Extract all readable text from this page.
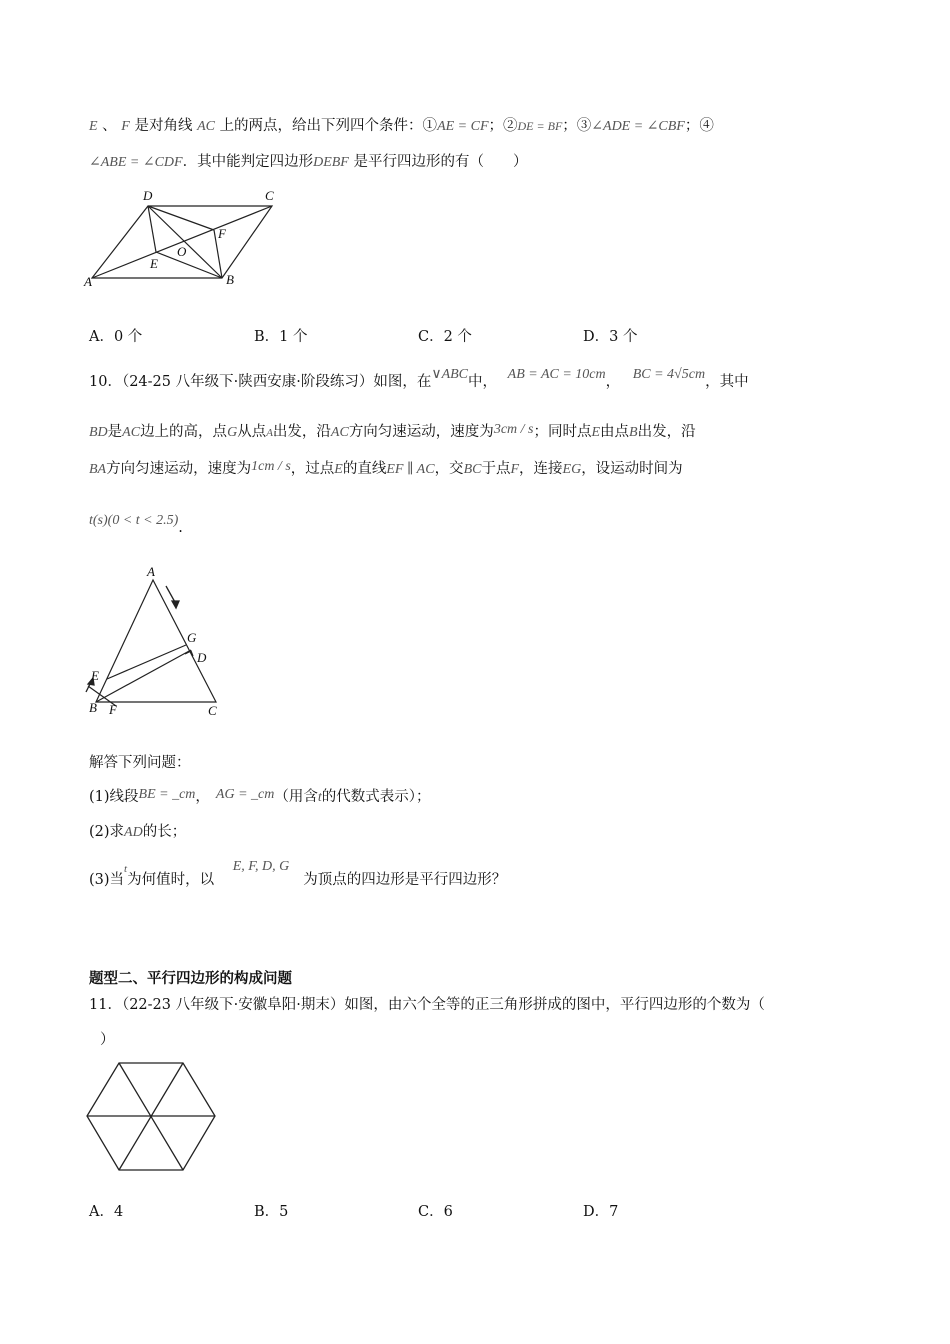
E 、 F 是对角线 AC 上的两点，给出下列四个条件：①AE = CF；②DE = BF；③∠ADE = ∠CBF；④
∠ABE = ∠CDF．其中能判定四边形DEBF 是平行四边形的有（　　）
D	C
A	B
E
F
O
A．0 个	B．1 个	C．2 个	D．3 个
10．（24-25 八年级下·陕西安康·阶段练习）如图，在∨ABC中， AB = AC = 10cm， BC = 4√5cm，其中
BD是AC边上的高，点G从点A出发，沿AC方向匀速运动，速度为3cm / s；同时点E由点B出发，沿
BA方向匀速运动，速度为1cm / s，过点E的直线EF ∥ AC，交BC于点F，连接EG，设运动时间为
t(s)(0 < t < 2.5).
A
G
D
E
B F	C
解答下列问题：
(1)线段BE = _cm， AG = _cm（用含t的代数式表示）；
(2)求AD的长；
(3)当$^t$为何值时，以 E, F, D, G为顶点的四边形是平行四边形？
题型二、平行四边形的构成问题
11．（22-23 八年级下·安徽阜阳·期末）如图，由六个全等的正三角形拼成的图中，平行四边形的个数为（
）
A．4	B．5	C．6	D．7
